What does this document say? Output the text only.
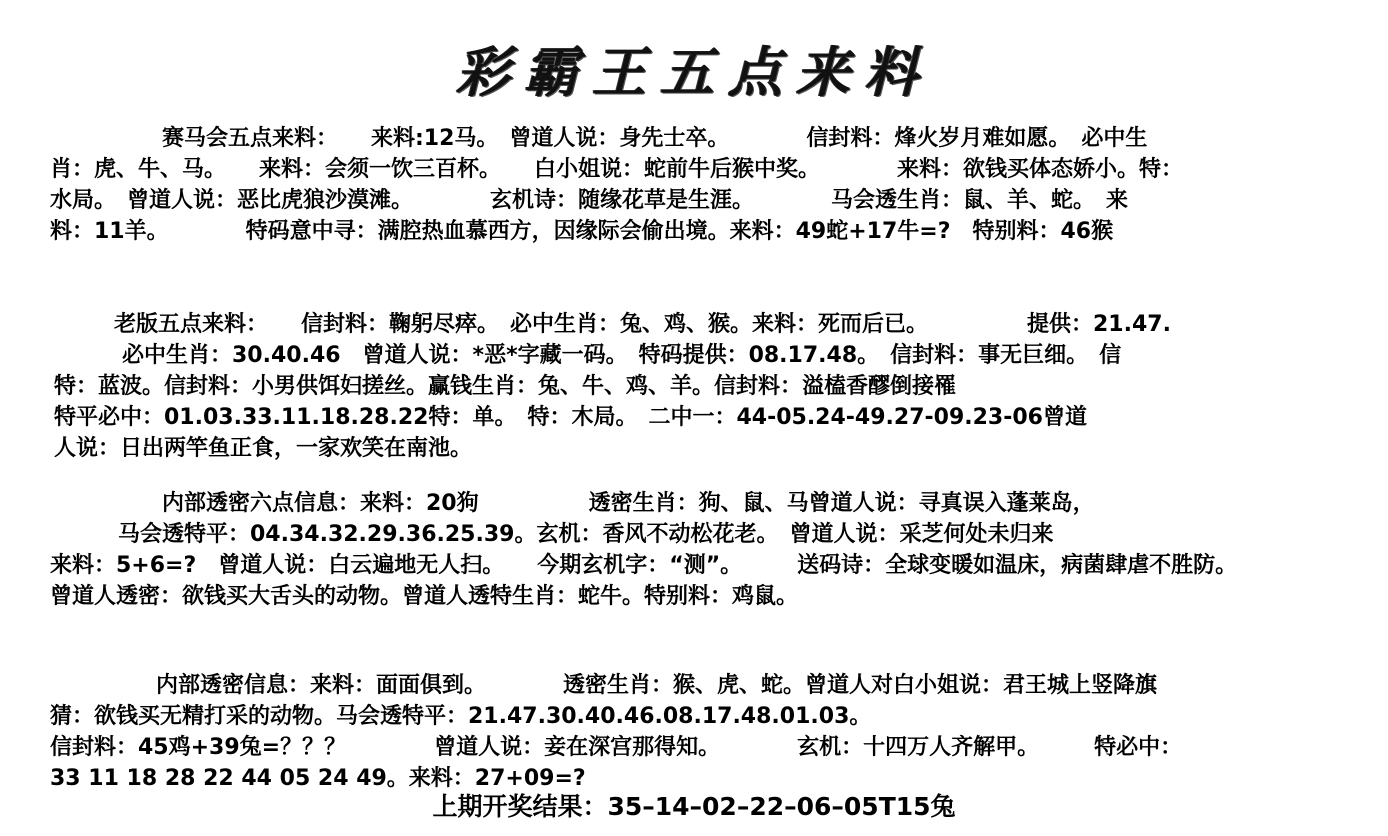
彩霸王五点来料
赛马会五点来料：　　来料:12马。　曾道人说：身先士卒。　　　　信封料：烽火岁月难如愿。　必中生
肖：虎、牛、马。　　来料：会须一饮三百杯。　　白小姐说：蛇前牛后猴中奖。　　　　来料：欲钱买体态娇小。特：
水局。　曾道人说：恶比虎狼沙漠滩。　　　　玄机诗：随缘花草是生涯。　　　　马会透生肖：鼠、羊、蛇。　来
料：11羊。　　　　特码意中寻：满腔热血慕西方，因缘际会偷出境。来料：49蛇+17牛=?　特别料：46猴
老版五点来料：　　信封料：鞠躬尽瘁。　必中生肖：兔、鸡、猴。来料：死而后已。　　　　　提供：21.47.
必中生肖：30.40.46　曾道人说：*恶*字藏一码。　特码提供：08.17.48。　信封料：事无巨细。　信
特：蓝波。信封料：小男供饵妇搓丝。赢钱生肖：兔、牛、鸡、羊。信封料：溢榼香醪倒接罹
特平必中：01.03.33.11.18.28.22特：单。　特：木局。　二中一：44-05.24-49.27-09.23-06曾道
人说：日出两竿鱼正食，一家欢笑在南池。
内部透密六点信息：来料：20狗　　　　　透密生肖：狗、鼠、马曾道人说：寻真误入蓬莱岛，
马会透特平：04.34.32.29.36.25.39。玄机：香风不动松花老。　曾道人说：采芝何处未归来
来料：5+6=?　曾道人说：白云遍地无人扫。　　今期玄机字：“测”。　　　送码诗：全球变暖如温床，病菌肆虐不胜防。
曾道人透密：欲钱买大舌头的动物。曾道人透特生肖：蛇牛。特别料：鸡鼠。
内部透密信息：来料：面面俱到。　　　　透密生肖：猴、虎、蛇。曾道人对白小姐说：君王城上竖降旗
猜：欲钱买无精打采的动物。马会透特平：21.47.30.40.46.08.17.48.01.03。
信封料：45鸡+39兔=？？？　　　　曾道人说：妾在深宫那得知。　　　　玄机：十四万人齐解甲。　　　特必中：
33 11 18 28 22 44 05 24 49。来料：27+09=?
上期开奖结果：35–14–02–22–06–05T15兔
